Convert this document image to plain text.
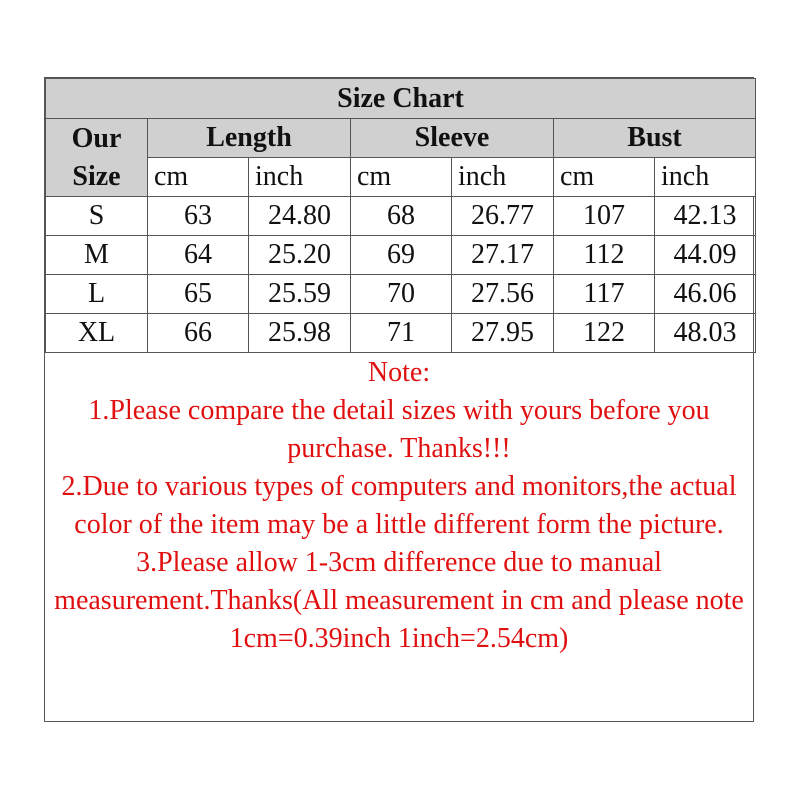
Size Chart						
Our
Size	Length		Sleeve		Bust	
	cm	inch	cm	inch	cm	inch
S	63	24.80	68	26.77	107	42.13
M	64	25.20	69	27.17	112	44.09
L	65	25.59	70	27.56	117	46.06
XL	66	25.98	71	27.95	122	48.03

Note:

1.Please compare the detail sizes with yours before you purchase. Thanks!!!

2.Due to various types of computers and monitors,the actual color of the item may be a little different form the picture.

3.Please allow 1-3cm difference due to manual measurement.Thanks(All measurement in cm and please note 1cm=0.39inch 1inch=2.54cm)
